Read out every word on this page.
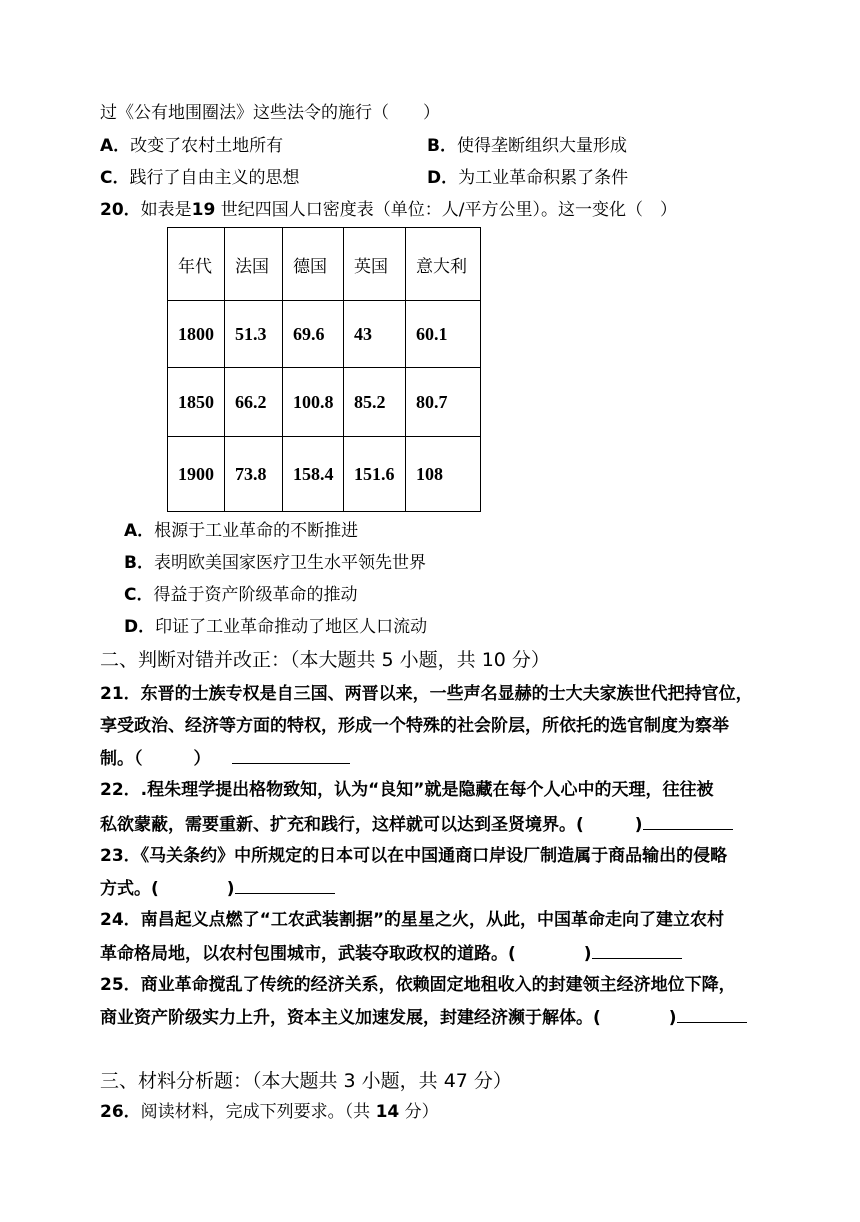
过《公有地围圈法》这些法令的施行（　　）
A．改变了农村土地所有	B．使得垄断组织大量形成
C．践行了自由主义的思想	D．为工业革命积累了条件
20．如表是19 世纪四国人口密度表（单位：人/平方公里）。这一变化（　）
年代	法国	德国	英国	意大利
1800	51.3	69.6	43	60.1
1850	66.2	100.8	85.2	80.7
1900	73.8	158.4	151.6	108
A．根源于工业革命的不断推进
B．表明欧美国家医疗卫生水平领先世界
C．得益于资产阶级革命的推动
D．印证了工业革命推动了地区人口流动
二、判断对错并改正：（本大题共 5 小题，共 10 分）
21．东晋的士族专权是自三国、两晋以来，一些声名显赫的士大夫家族世代把持官位，
享受政治、经济等方面的特权，形成一个特殊的社会阶层，所依托的选官制度为察举
制。（　　　）
22．.程朱理学提出格物致知，认为“良知”就是隐藏在每个人心中的天理，往往被
私欲蒙蔽，需要重新、扩充和践行，这样就可以达到圣贤境界。(　　　)
23．《马关条约》中所规定的日本可以在中国通商口岸设厂制造属于商品输出的侵略
方式。(　　　　)
24．南昌起义点燃了“工农武装割据”的星星之火，从此，中国革命走向了建立农村
革命格局地，以农村包围城市，武装夺取政权的道路。(　　　　)
25．商业革命搅乱了传统的经济关系，依赖固定地租收入的封建领主经济地位下降，
商业资产阶级实力上升，资本主义加速发展，封建经济濒于解体。(　　　　)
三、材料分析题：（本大题共 3 小题，共 47 分）
26．阅读材料，完成下列要求。（共 14 分）
